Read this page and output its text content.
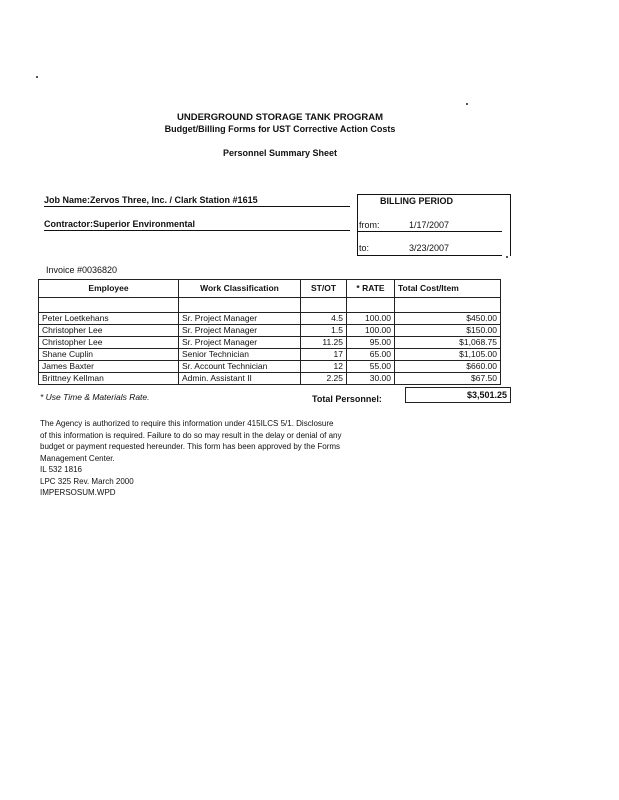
UNDERGROUND STORAGE TANK PROGRAM
Budget/Billing Forms for UST Corrective Action Costs
Personnel Summary Sheet
Job Name:Zervos Three, Inc. / Clark Station #1615
Contractor:Superior Environmental
Invoice #0036820
BILLING PERIOD
from:	1/17/2007
to:	3/23/2007
Employee	Work Classification	ST/OT	* RATE	Total Cost/Item

Peter Loetkehans	Sr. Project Manager	4.5	100.00	$450.00
Christopher Lee	Sr. Project Manager	1.5	100.00	$150.00
Christopher Lee	Sr. Project Manager	11.25	95.00	$1,068.75
Shane Cuplin	Senior Technician	17	65.00	$1,105.00
James Baxter	Sr. Account Technician	12	55.00	$660.00
Brittney Kellman	Admin. Assistant II	2.25	30.00	$67.50
* Use Time & Materials Rate.	Total Personnel:	$3,501.25
The Agency is authorized to require this information under 415ILCS 5/1. Disclosure
of this information is required. Failure to do so may result in the delay or denial of any
budget or payment requested hereunder. This form has been approved by the Forms
Management Center.
IL 532 1816
LPC 325 Rev. March 2000
IMPERSOSUM.WPD
